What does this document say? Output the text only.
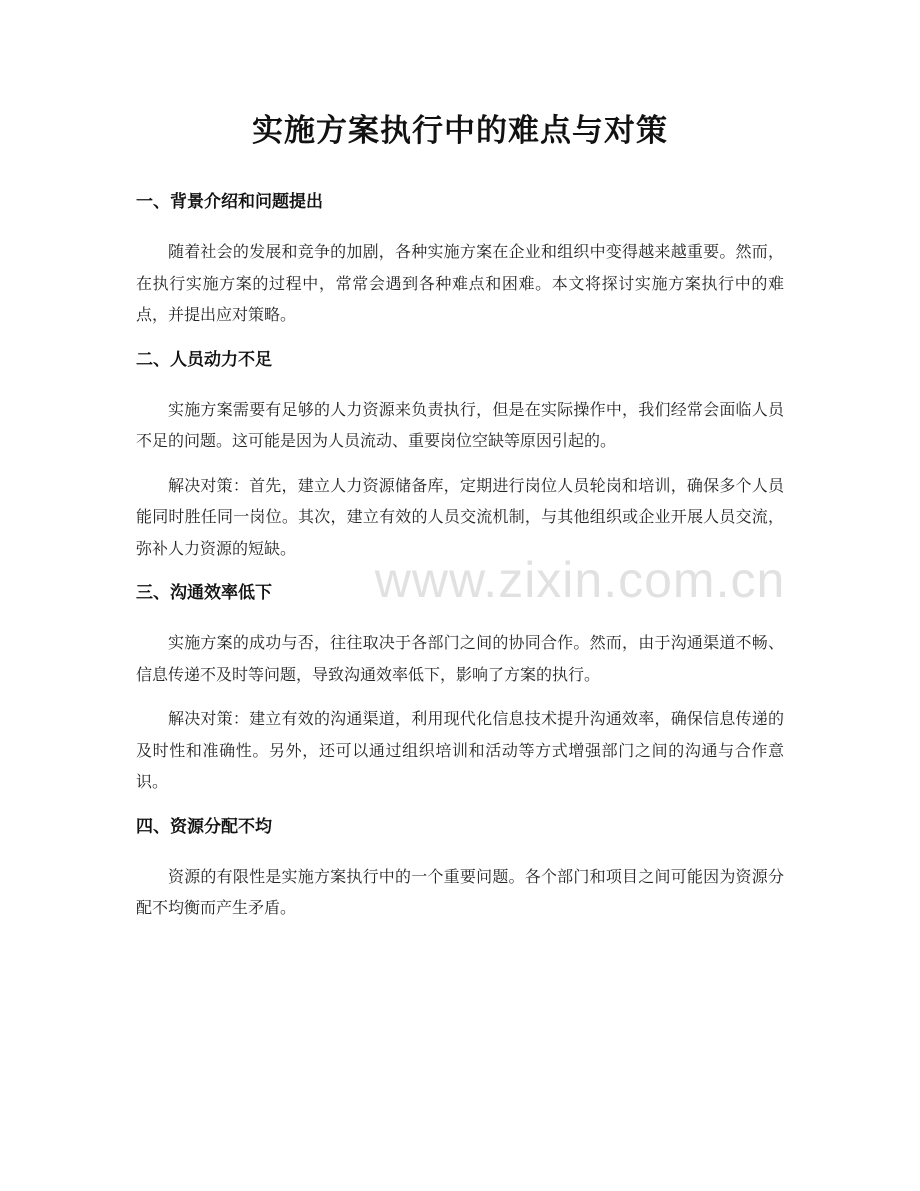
实施方案执行中的难点与对策
一、背景介绍和问题提出

随着社会的发展和竞争的加剧，各种实施方案在企业和组织中变得越来越重要。然而，在执行实施方案的过程中，常常会遇到各种难点和困难。本文将探讨实施方案执行中的难点，并提出应对策略。

二、人员动力不足

实施方案需要有足够的人力资源来负责执行，但是在实际操作中，我们经常会面临人员不足的问题。这可能是因为人员流动、重要岗位空缺等原因引起的。

解决对策：首先，建立人力资源储备库，定期进行岗位人员轮岗和培训，确保多个人员能同时胜任同一岗位。其次，建立有效的人员交流机制，与其他组织或企业开展人员交流，弥补人力资源的短缺。

三、沟通效率低下

实施方案的成功与否，往往取决于各部门之间的协同合作。然而，由于沟通渠道不畅、信息传递不及时等问题，导致沟通效率低下，影响了方案的执行。

解决对策：建立有效的沟通渠道，利用现代化信息技术提升沟通效率，确保信息传递的及时性和准确性。另外，还可以通过组织培训和活动等方式增强部门之间的沟通与合作意识。

四、资源分配不均

资源的有限性是实施方案执行中的一个重要问题。各个部门和项目之间可能因为资源分配不均衡而产生矛盾。

www.zixin.com.cn
